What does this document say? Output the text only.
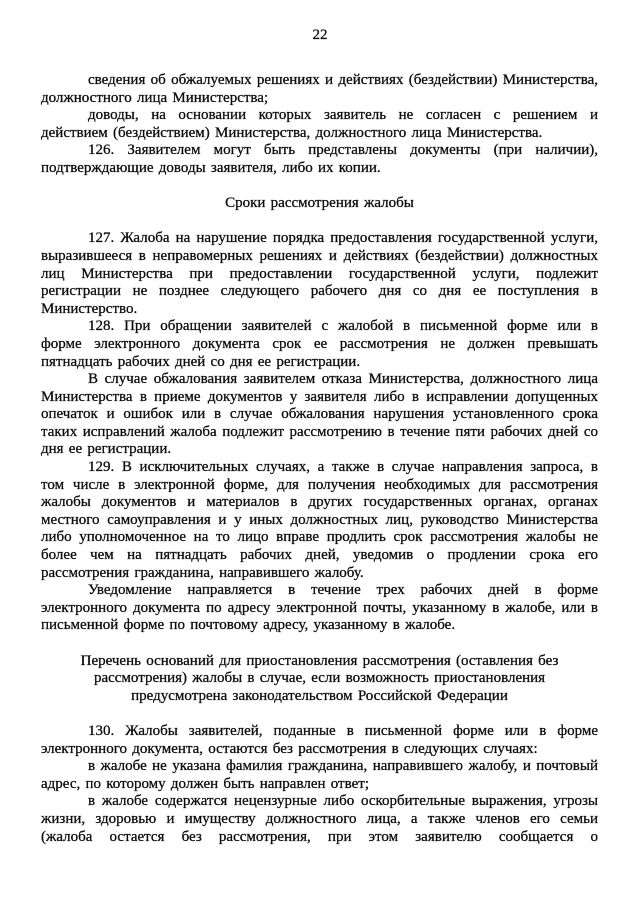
22

сведения об обжалуемых решениях и действиях (бездействии) Министерства, должностного лица Министерства;

доводы, на основании которых заявитель не согласен с решением и действием (бездействием) Министерства, должностного лица Министерства.

126. Заявителем могут быть представлены документы (при наличии), подтверждающие доводы заявителя, либо их копии.

Сроки рассмотрения жалобы

127. Жалоба на нарушение порядка предоставления государственной услуги, выразившееся в неправомерных решениях и действиях (бездействии) должностных лиц Министерства при предоставлении государственной услуги, подлежит регистрации не позднее следующего рабочего дня со дня ее поступления в Министерство.

128. При обращении заявителей с жалобой в письменной форме или в форме электронного документа срок ее рассмотрения не должен превышать пятнадцать рабочих дней со дня ее регистрации.

В случае обжалования заявителем отказа Министерства, должностного лица Министерства в приеме документов у заявителя либо в исправлении допущенных опечаток и ошибок или в случае обжалования нарушения установленного срока таких исправлений жалоба подлежит рассмотрению в течение пяти рабочих дней со дня ее регистрации.

129. В исключительных случаях, а также в случае направления запроса, в том числе в электронной форме, для получения необходимых для рассмотрения жалобы документов и материалов в других государственных органах, органах местного самоуправления и у иных должностных лиц, руководство Министерства либо уполномоченное на то лицо вправе продлить срок рассмотрения жалобы не более чем на пятнадцать рабочих дней, уведомив о продлении срока его рассмотрения гражданина, направившего жалобу.

Уведомление направляется в течение трех рабочих дней в форме электронного документа по адресу электронной почты, указанному в жалобе, или в письменной форме по почтовому адресу, указанному в жалобе.

Перечень оснований для приостановления рассмотрения (оставления без рассмотрения) жалобы в случае, если возможность приостановления предусмотрена законодательством Российской Федерации

130. Жалобы заявителей, поданные в письменной форме или в форме электронного документа, остаются без рассмотрения в следующих случаях:

в жалобе не указана фамилия гражданина, направившего жалобу, и почтовый адрес, по которому должен быть направлен ответ;

в жалобе содержатся нецензурные либо оскорбительные выражения, угрозы жизни, здоровью и имуществу должностного лица, а также членов его семьи (жалоба остается без рассмотрения, при этом заявителю сообщается о
